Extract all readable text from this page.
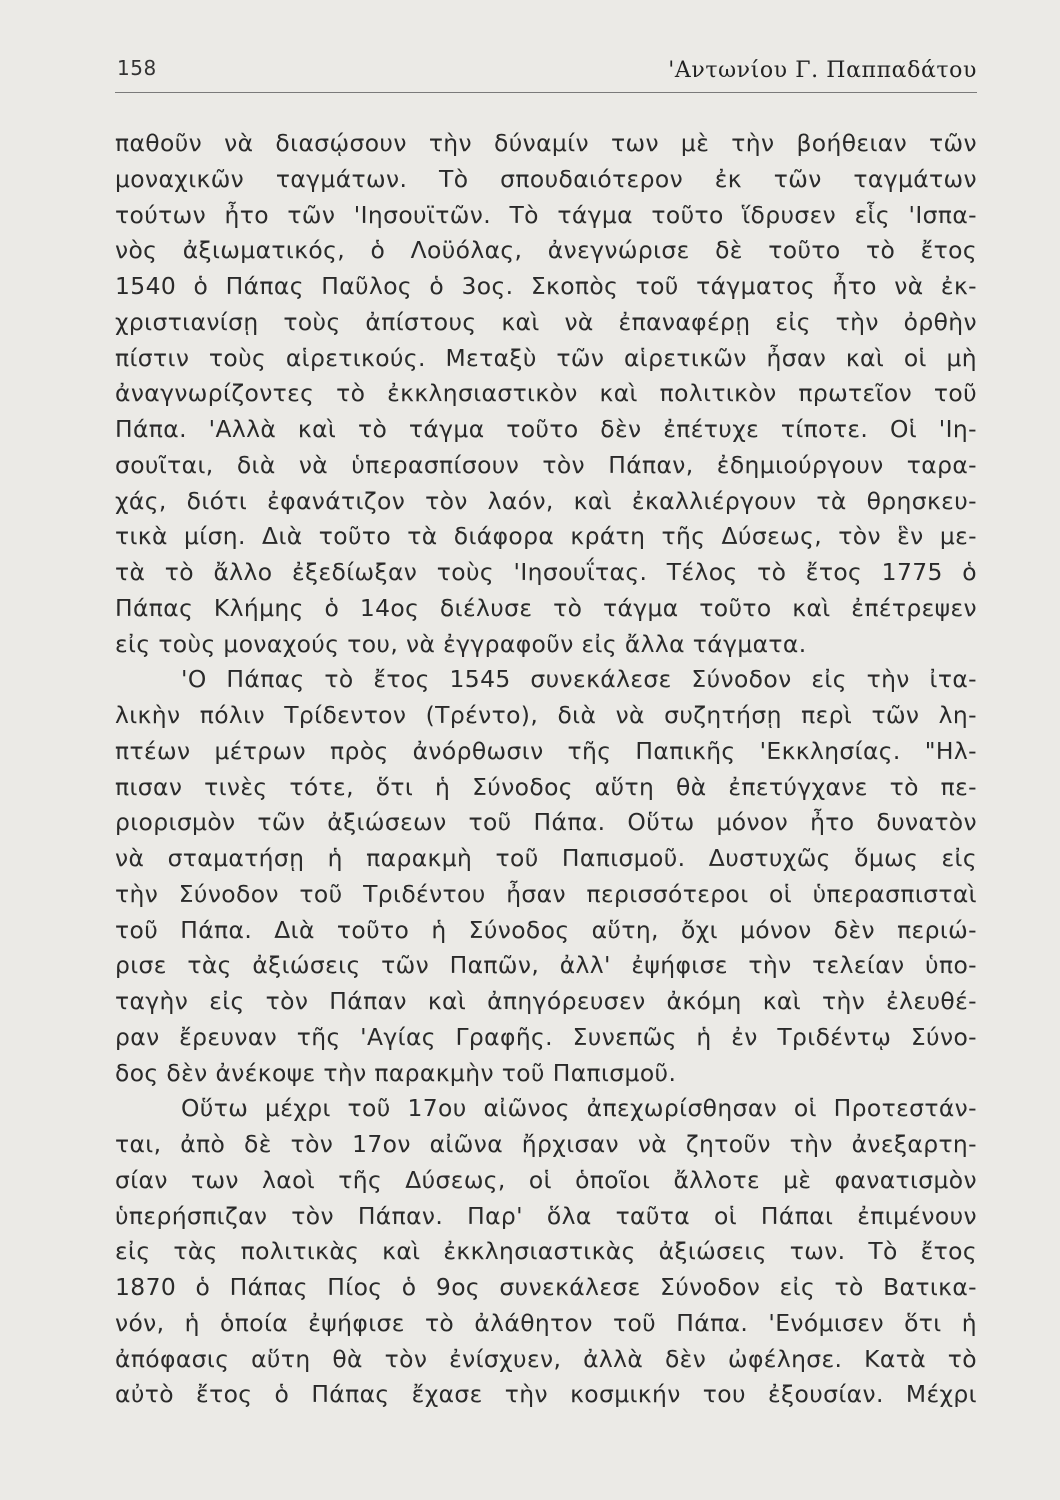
158	'Αντωνίου Γ. Παππαδάτου
παθοῦν νὰ διασῴσουν τὴν δύναμίν των μὲ τὴν βοήθειαν τῶν
μοναχικῶν ταγμάτων. Τὸ σπουδαιότερον ἐκ τῶν ταγμάτων
τούτων ἦτο τῶν 'Ιησουϊτῶν. Τὸ τάγμα τοῦτο ἵδρυσεν εἷς 'Ισπα-
νὸς ἀξιωματικός, ὁ Λοϋόλας, ἀνεγνώρισε δὲ τοῦτο τὸ ἔτος
1540 ὁ Πάπας Παῦλος ὁ 3ος. Σκοπὸς τοῦ τάγματος ἦτο νὰ ἐκ-
χριστιανίσῃ τοὺς ἀπίστους καὶ νὰ ἐπαναφέρῃ εἰς τὴν ὀρθὴν
πίστιν τοὺς αἱρετικούς. Μεταξὺ τῶν αἱρετικῶν ἦσαν καὶ οἱ μὴ
ἀναγνωρίζοντες τὸ ἐκκλησιαστικὸν καὶ πολιτικὸν πρωτεῖον τοῦ
Πάπα. 'Αλλὰ καὶ τὸ τάγμα τοῦτο δὲν ἐπέτυχε τίποτε. Οἱ 'Ιη-
σουῖται, διὰ νὰ ὑπερασπίσουν τὸν Πάπαν, ἐδημιούργουν ταρα-
χάς, διότι ἐφανάτιζον τὸν λαόν, καὶ ἐκαλλιέργουν τὰ θρησκευ-
τικὰ μίση. Διὰ τοῦτο τὰ διάφορα κράτη τῆς Δύσεως, τὸν ἓν με-
τὰ τὸ ἄλλο ἐξεδίωξαν τοὺς 'Ιησουΐτας. Τέλος τὸ ἔτος 1775 ὁ
Πάπας Κλήμης ὁ 14ος διέλυσε τὸ τάγμα τοῦτο καὶ ἐπέτρεψεν
εἰς τοὺς μοναχούς του, νὰ ἐγγραφοῦν εἰς ἄλλα τάγματα.
'Ο Πάπας τὸ ἔτος 1545 συνεκάλεσε Σύνοδον εἰς τὴν ἰτα-
λικὴν πόλιν Τρίδεντον (Τρέντο), διὰ νὰ συζητήσῃ περὶ τῶν λη-
πτέων μέτρων πρὸς ἀνόρθωσιν τῆς Παπικῆς 'Εκκλησίας. "Ηλ-
πισαν τινὲς τότε, ὅτι ἡ Σύνοδος αὕτη θὰ ἐπετύγχανε τὸ πε-
ριορισμὸν τῶν ἀξιώσεων τοῦ Πάπα. Οὕτω μόνον ἦτο δυνατὸν
νὰ σταματήσῃ ἡ παρακμὴ τοῦ Παπισμοῦ. Δυστυχῶς ὅμως εἰς
τὴν Σύνοδον τοῦ Τριδέντου ἦσαν περισσότεροι οἱ ὑπερασπισταὶ
τοῦ Πάπα. Διὰ τοῦτο ἡ Σύνοδος αὕτη, ὄχι μόνον δὲν περιώ-
ρισε τὰς ἀξιώσεις τῶν Παπῶν, ἀλλ' ἐψήφισε τὴν τελείαν ὑπο-
ταγὴν εἰς τὸν Πάπαν καὶ ἀπηγόρευσεν ἀκόμη καὶ τὴν ἐλευθέ-
ραν ἔρευναν τῆς 'Αγίας Γραφῆς. Συνεπῶς ἡ ἐν Τριδέντῳ Σύνο-
δος δὲν ἀνέκοψε τὴν παρακμὴν τοῦ Παπισμοῦ.
Οὕτω μέχρι τοῦ 17ου αἰῶνος ἀπεχωρίσθησαν οἱ Προτεστάν-
ται, ἀπὸ δὲ τὸν 17ον αἰῶνα ἤρχισαν νὰ ζητοῦν τὴν ἀνεξαρτη-
σίαν των λαοὶ τῆς Δύσεως, οἱ ὁποῖοι ἄλλοτε μὲ φανατισμὸν
ὑπερήσπιζαν τὸν Πάπαν. Παρ' ὅλα ταῦτα οἱ Πάπαι ἐπιμένουν
εἰς τὰς πολιτικὰς καὶ ἐκκλησιαστικὰς ἀξιώσεις των. Τὸ ἔτος
1870 ὁ Πάπας Πίος ὁ 9ος συνεκάλεσε Σύνοδον εἰς τὸ Βατικα-
νόν, ἡ ὁποία ἐψήφισε τὸ ἀλάθητον τοῦ Πάπα. 'Ενόμισεν ὅτι ἡ
ἀπόφασις αὕτη θὰ τὸν ἐνίσχυεν, ἀλλὰ δὲν ὠφέλησε. Κατὰ τὸ
αὐτὸ ἔτος ὁ Πάπας ἔχασε τὴν κοσμικήν του ἐξουσίαν. Μέχρι
